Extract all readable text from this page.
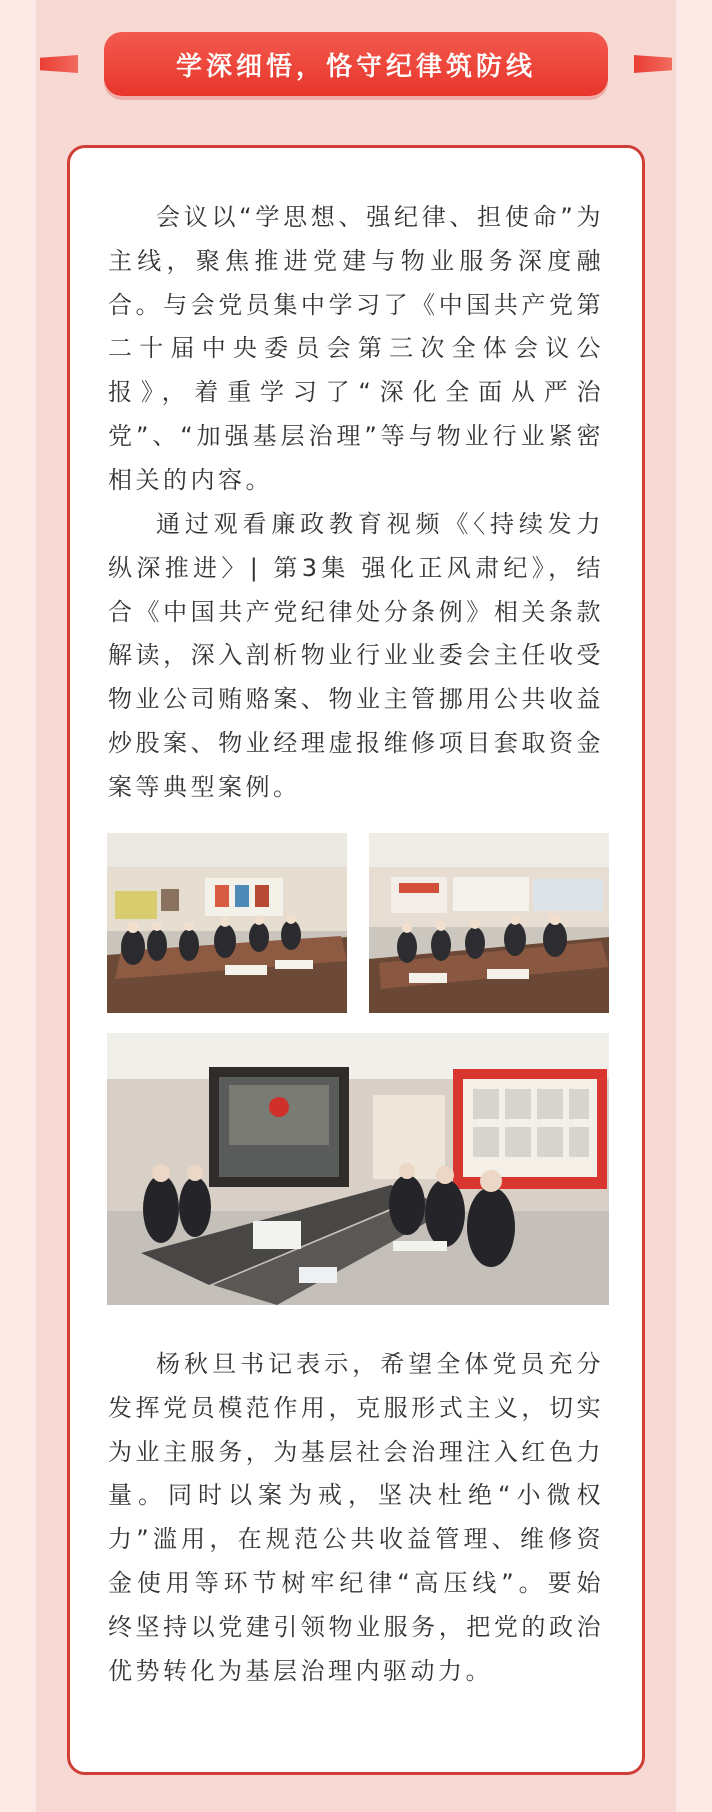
学深细悟，恪守纪律筑防线
会议以“学思想、强纪律、担使命”为主线，聚焦推进党建与物业服务深度融合。与会党员集中学习了《中国共产党第二十届中央委员会第三次全体会议公报》，着重学习了“深化全面从严治党”、“加强基层治理”等与物业行业紧密相关的内容。
通过观看廉政教育视频《〈持续发力 纵深推进〉| 第3集 强化正风肃纪》，结合《中国共产党纪律处分条例》相关条款解读，深入剖析物业行业业委会主任收受物业公司贿赂案、物业主管挪用公共收益炒股案、物业经理虚报维修项目套取资金案等典型案例。
杨秋旦书记表示，希望全体党员充分发挥党员模范作用，克服形式主义，切实为业主服务，为基层社会治理注入红色力量。同时以案为戒，坚决杜绝“小微权力”滥用，在规范公共收益管理、维修资金使用等环节树牢纪律“高压线”。要始终坚持以党建引领物业服务，把党的政治优势转化为基层治理内驱动力。
